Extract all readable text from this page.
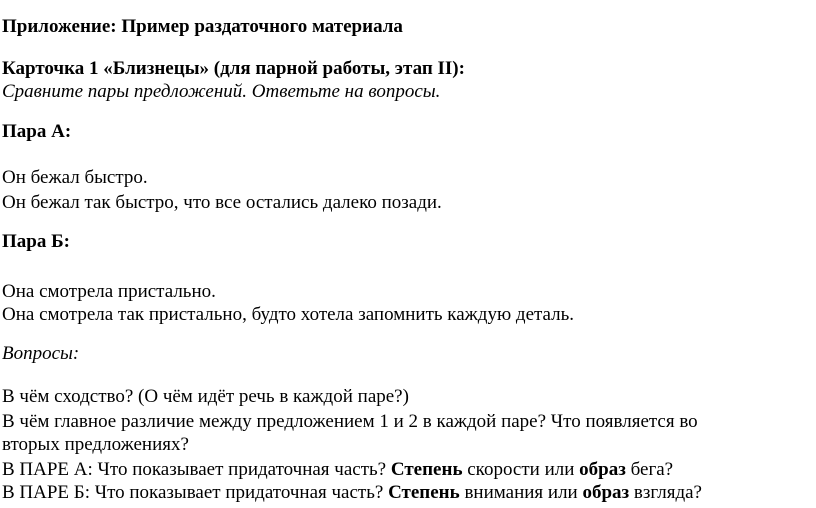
Приложение: Пример раздаточного материала
Карточка 1 «Близнецы» (для парной работы, этап II):
Сравните пары предложений. Ответьте на вопросы.
Пара А:
Он бежал быстро.
Он бежал так быстро, что все остались далеко позади.
Пара Б:
Она смотрела пристально.
Она смотрела так пристально, будто хотела запомнить каждую деталь.
Вопросы:
В чём сходство? (О чём идёт речь в каждой паре?)
В чём главное различие между предложением 1 и 2 в каждой паре? Что появляется во
вторых предложениях?
В ПАРЕ А: Что показывает придаточная часть? Степень скорости или образ бега?
В ПАРЕ Б: Что показывает придаточная часть? Степень внимания или образ взгляда?
